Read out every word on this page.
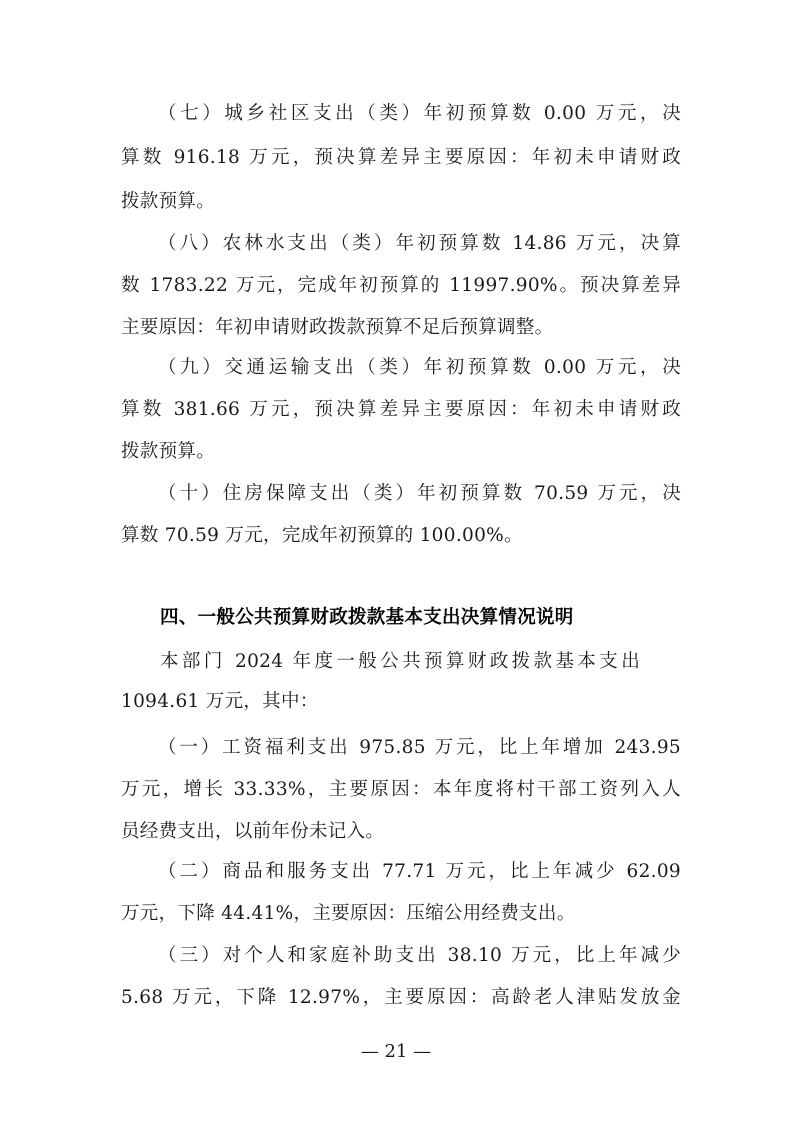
（七）城乡社区支出（类）年初预算数 0.00 万元，决
算数 916.18 万元，预决算差异主要原因：年初未申请财政
拨款预算。
（八）农林水支出（类）年初预算数 14.86 万元，决算
数 1783.22 万元，完成年初预算的 11997.90%。预决算差异
主要原因：年初申请财政拨款预算不足后预算调整。
（九）交通运输支出（类）年初预算数 0.00 万元，决
算数 381.66 万元，预决算差异主要原因：年初未申请财政
拨款预算。
（十）住房保障支出（类）年初预算数 70.59 万元，决
算数 70.59 万元，完成年初预算的 100.00%。
四、一般公共预算财政拨款基本支出决算情况说明
本部门 2024 年度一般公共预算财政拨款基本支出
1094.61 万元，其中：
（一）工资福利支出 975.85 万元，比上年增加 243.95
万元，增长 33.33%，主要原因：本年度将村干部工资列入人
员经费支出，以前年份未记入。
（二）商品和服务支出 77.71 万元，比上年减少 62.09
万元，下降 44.41%，主要原因：压缩公用经费支出。
（三）对个人和家庭补助支出 38.10 万元，比上年减少
5.68 万元，下降 12.97%，主要原因：高龄老人津贴发放金
— 21 —
